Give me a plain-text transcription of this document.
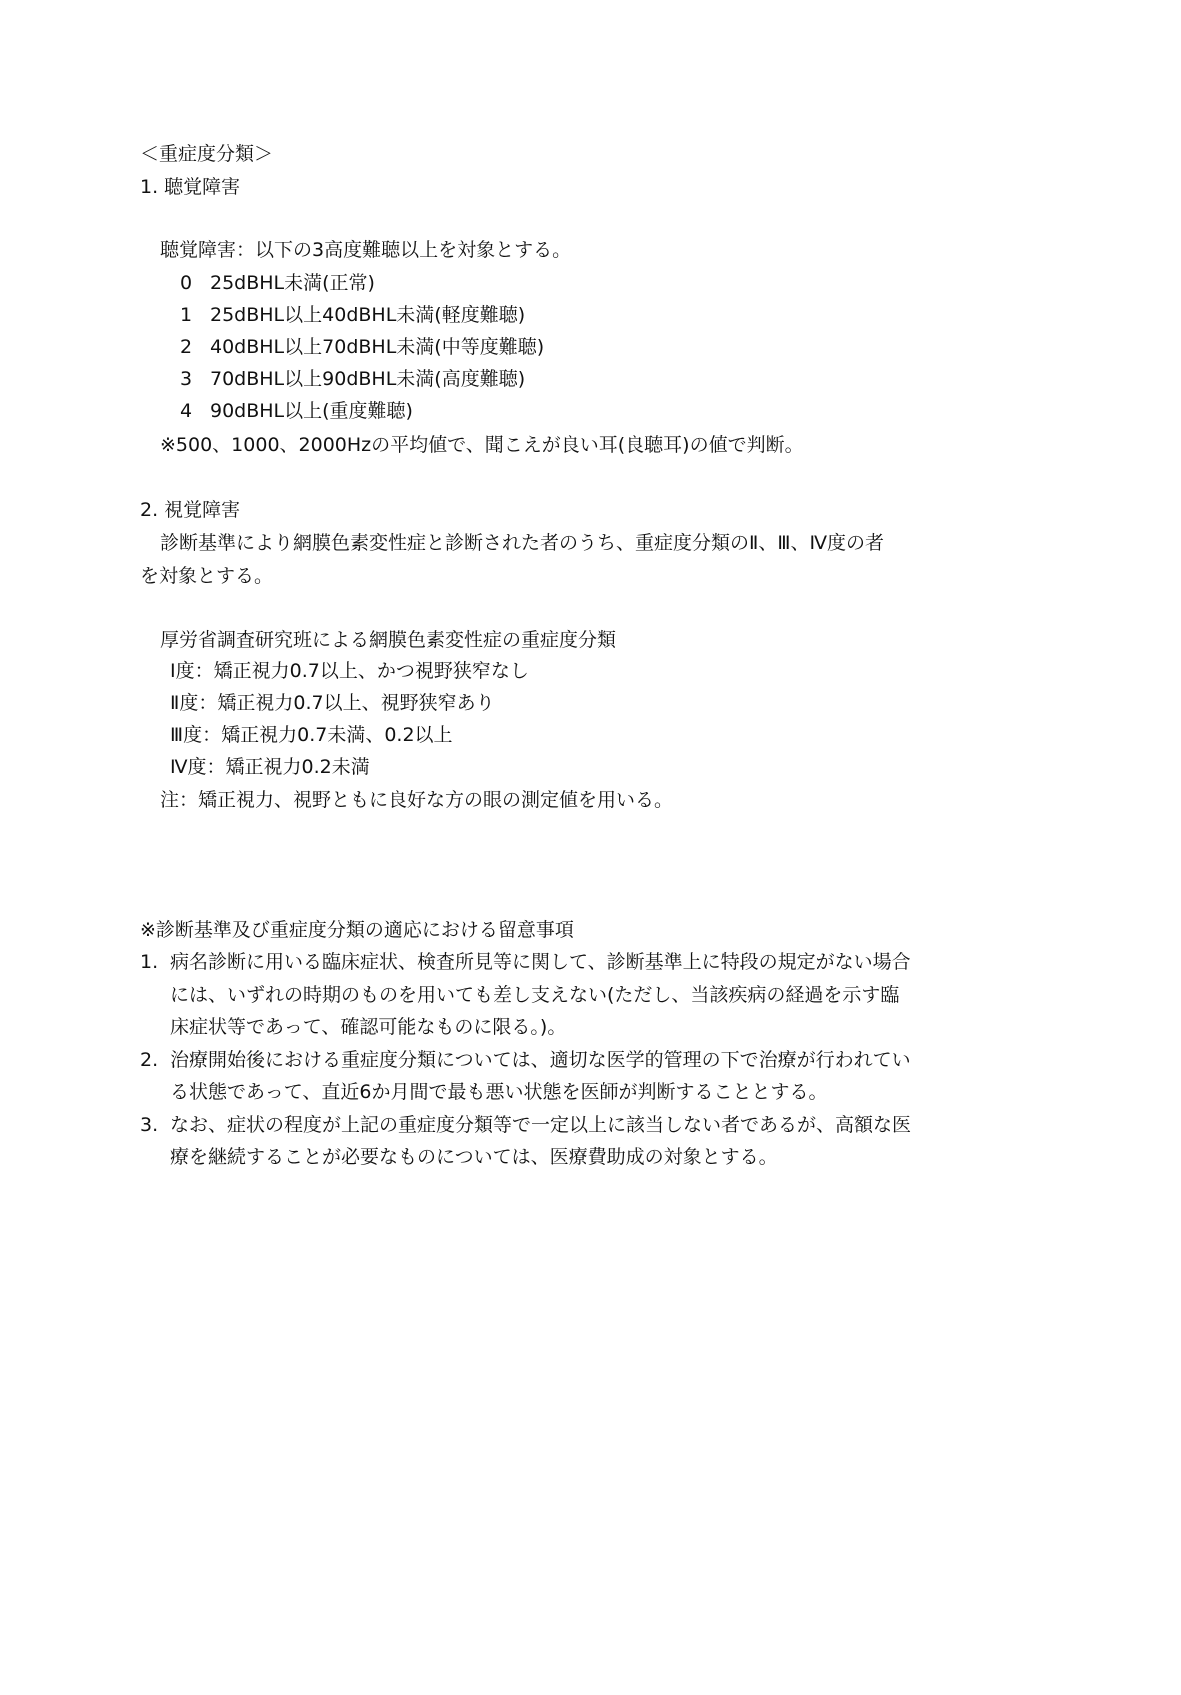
＜重症度分類＞
1. 聴覚障害
聴覚障害：以下の3高度難聴以上を対象とする。
0 25dBHL未満(正常)
1 25dBHL以上40dBHL未満(軽度難聴)
2 40dBHL以上70dBHL未満(中等度難聴)
3 70dBHL以上90dBHL未満(高度難聴)
4 90dBHL以上(重度難聴)
※500、1000、2000Hzの平均値で、聞こえが良い耳(良聴耳)の値で判断。
2. 視覚障害
診断基準により網膜色素変性症と診断された者のうち、重症度分類のⅡ、Ⅲ、Ⅳ度の者
を対象とする。
厚労省調査研究班による網膜色素変性症の重症度分類
Ⅰ度：矯正視力0.7以上、かつ視野狭窄なし
Ⅱ度：矯正視力0.7以上、視野狭窄あり
Ⅲ度：矯正視力0.7未満、0.2以上
Ⅳ度：矯正視力0.2未満
注：矯正視力、視野ともに良好な方の眼の測定値を用いる。
※診断基準及び重症度分類の適応における留意事項
1. 病名診断に用いる臨床症状、検査所見等に関して、診断基準上に特段の規定がない場合
には、いずれの時期のものを用いても差し支えない(ただし、当該疾病の経過を示す臨
床症状等であって、確認可能なものに限る。)。
2. 治療開始後における重症度分類については、適切な医学的管理の下で治療が行われてい
る状態であって、直近6か月間で最も悪い状態を医師が判断することとする。
3. なお、症状の程度が上記の重症度分類等で一定以上に該当しない者であるが、高額な医
療を継続することが必要なものについては、医療費助成の対象とする。
